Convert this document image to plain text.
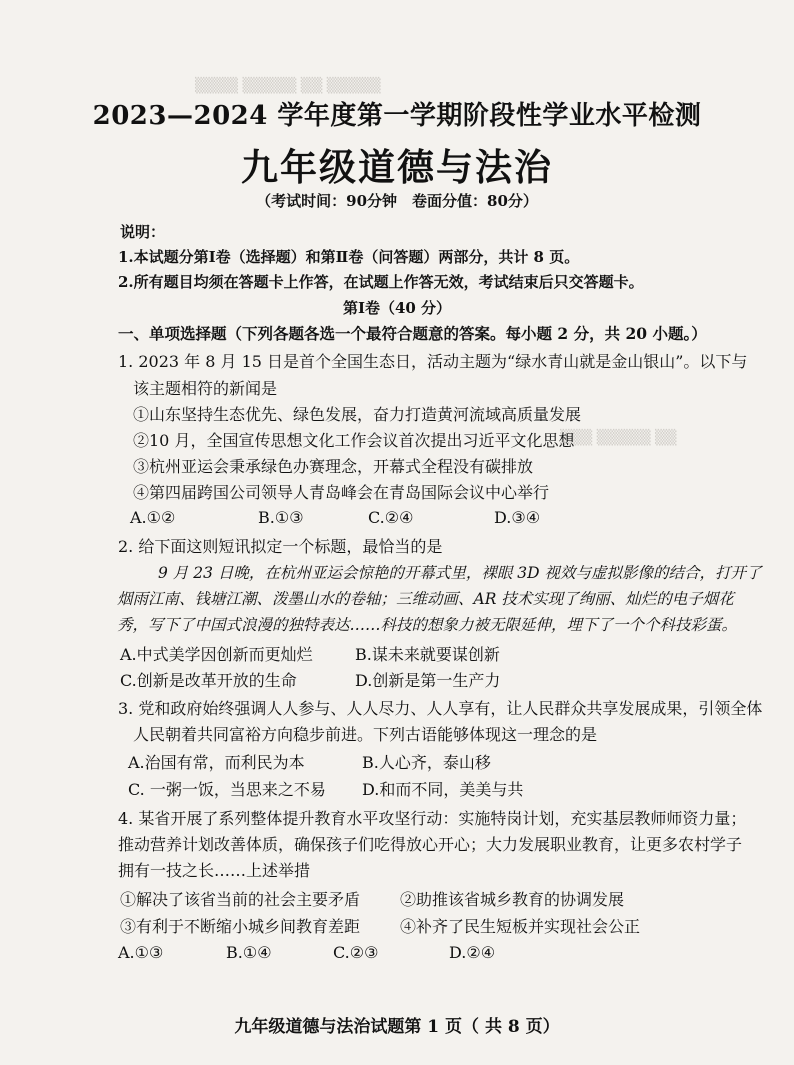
▒▒▒▒ ▒▒▒▒▒ ▒▒ ▒▒▒▒▒
▒▒▒ ▒▒▒▒▒ ▒▒
2023—2024 学年度第一学期阶段性学业水平检测
九年级道德与法治
（考试时间：90分钟　卷面分值：80分）
说明：
1.本试题分第Ⅰ卷（选择题）和第Ⅱ卷（问答题）两部分，共计 8 页。
2.所有题目均须在答题卡上作答，在试题上作答无效，考试结束后只交答题卡。
第Ⅰ卷（40 分）
一、单项选择题（下列各题各选一个最符合题意的答案。每小题 2 分，共 20 小题。）
1. 2023 年 8 月 15 日是首个全国生态日，活动主题为“绿水青山就是金山银山”。以下与
该主题相符的新闻是
①山东坚持生态优先、绿色发展，奋力打造黄河流域高质量发展
②10 月，全国宣传思想文化工作会议首次提出习近平文化思想
③杭州亚运会秉承绿色办赛理念，开幕式全程没有碳排放
④第四届跨国公司领导人青岛峰会在青岛国际会议中心举行
A.①②	B.①③	C.②④	D.③④
2. 给下面这则短讯拟定一个标题，最恰当的是
9 月 23 日晚，在杭州亚运会惊艳的开幕式里，裸眼 3D 视效与虚拟影像的结合，打开了
烟雨江南、钱塘江潮、泼墨山水的卷轴；三维动画、AR 技术实现了绚丽、灿烂的电子烟花
秀，写下了中国式浪漫的独特表达……科技的想象力被无限延伸，埋下了一个个科技彩蛋。
A.中式美学因创新而更灿烂	B.谋未来就要谋创新
C.创新是改革开放的生命	D.创新是第一生产力
3. 党和政府始终强调人人参与、人人尽力、人人享有，让人民群众共享发展成果，引领全体
人民朝着共同富裕方向稳步前进。下列古语能够体现这一理念的是
A.治国有常，而利民为本	B.人心齐，泰山移
C. 一粥一饭，当思来之不易 D.和而不同，美美与共
4. 某省开展了系列整体提升教育水平攻坚行动：实施特岗计划，充实基层教师师资力量；
推动营养计划改善体质，确保孩子们吃得放心开心；大力发展职业教育，让更多农村学子
拥有一技之长……上述举措
①解决了该省当前的社会主要矛盾 ②助推该省城乡教育的协调发展
③有利于不断缩小城乡间教育差距 ④补齐了民生短板并实现社会公正
A.①③	B.①④	C.②③	D.②④
九年级道德与法治试题第 1 页（ 共 8 页）
